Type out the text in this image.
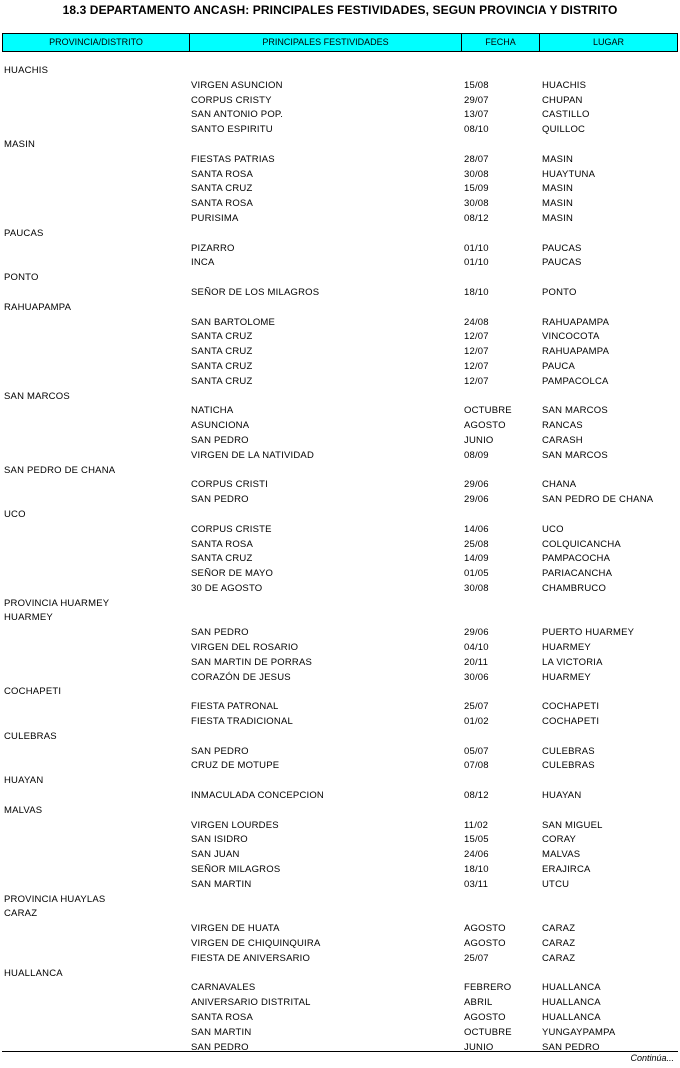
18.3 DEPARTAMENTO ANCASH: PRINCIPALES FESTIVIDADES, SEGUN PROVINCIA Y DISTRITO
PROVINCIA/DISTRITO	PRINCIPALES FESTIVIDADES	FECHA	LUGAR
HUACHIS
VIRGEN ASUNCION	15/08	HUACHIS
CORPUS CRISTY	29/07	CHUPAN
SAN ANTONIO POP.	13/07	CASTILLO
SANTO ESPIRITU	08/10	QUILLOC
MASIN
FIESTAS PATRIAS	28/07	MASIN
SANTA ROSA	30/08	HUAYTUNA
SANTA CRUZ	15/09	MASIN
SANTA ROSA	30/08	MASIN
PURISIMA	08/12	MASIN
PAUCAS
PIZARRO	01/10	PAUCAS
INCA	01/10	PAUCAS
PONTO
SEÑOR DE LOS MILAGROS	18/10	PONTO
RAHUAPAMPA
SAN BARTOLOME	24/08	RAHUAPAMPA
SANTA CRUZ	12/07	VINCOCOTA
SANTA CRUZ	12/07	RAHUAPAMPA
SANTA CRUZ	12/07	PAUCA
SANTA CRUZ	12/07	PAMPACOLCA
SAN MARCOS
NATICHA	OCTUBRE	SAN MARCOS
ASUNCIONA	AGOSTO	RANCAS
SAN PEDRO	JUNIO	CARASH
VIRGEN DE LA NATIVIDAD	08/09	SAN MARCOS
SAN PEDRO DE CHANA
CORPUS CRISTI	29/06	CHANA
SAN PEDRO	29/06	SAN PEDRO DE CHANA
UCO
CORPUS CRISTE	14/06	UCO
SANTA ROSA	25/08	COLQUICANCHA
SANTA CRUZ	14/09	PAMPACOCHA
SEÑOR DE MAYO	01/05	PARIACANCHA
30 DE AGOSTO	30/08	CHAMBRUCO
PROVINCIA HUARMEY
HUARMEY
SAN PEDRO	29/06	PUERTO HUARMEY
VIRGEN DEL ROSARIO	04/10	HUARMEY
SAN MARTIN DE PORRAS	20/11	LA VICTORIA
CORAZÓN DE JESUS	30/06	HUARMEY
COCHAPETI
FIESTA PATRONAL	25/07	COCHAPETI
FIESTA TRADICIONAL	01/02	COCHAPETI
CULEBRAS
SAN PEDRO	05/07	CULEBRAS
CRUZ DE MOTUPE	07/08	CULEBRAS
HUAYAN
INMACULADA CONCEPCION	08/12	HUAYAN
MALVAS
VIRGEN LOURDES	11/02	SAN MIGUEL
SAN ISIDRO	15/05	CORAY
SAN JUAN	24/06	MALVAS
SEÑOR MILAGROS	18/10	ERAJIRCA
SAN MARTIN	03/11	UTCU
PROVINCIA HUAYLAS
CARAZ
VIRGEN DE HUATA	AGOSTO	CARAZ
VIRGEN DE CHIQUINQUIRA	AGOSTO	CARAZ
FIESTA DE ANIVERSARIO	25/07	CARAZ
HUALLANCA
CARNAVALES	FEBRERO	HUALLANCA
ANIVERSARIO DISTRITAL	ABRIL	HUALLANCA
SANTA ROSA	AGOSTO	HUALLANCA
SAN MARTIN	OCTUBRE	YUNGAYPAMPA
SAN PEDRO	JUNIO	SAN PEDRO
Continúa...
